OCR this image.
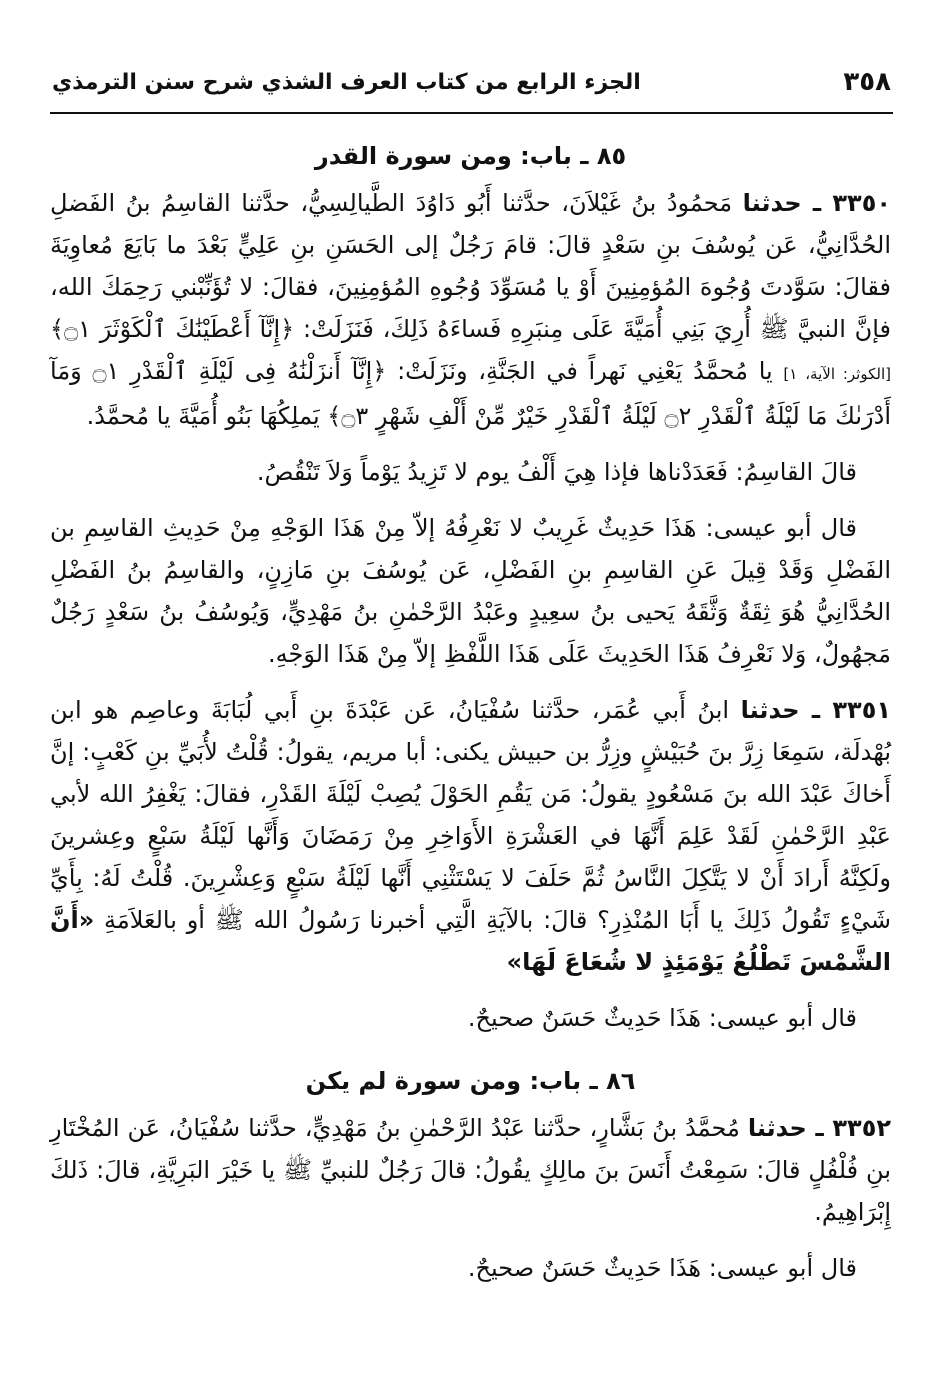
٣٥٨
الجزء الرابع من كتاب العرف الشذي شرح سنن الترمذي
٨٥ ـ باب: ومن سورة القدر

٣٣٥٠ ـ حدثنا مَحمُودُ بنُ غَيْلاَنَ، حدَّثنا أَبُو دَاوُدَ الطَّيالِسِيُّ، حدَّثنا القاسِمُ بنُ الفَضلِ الحُدَّانِيُّ، عَن يُوسُفَ بنِ سَعْدٍ قالَ: قامَ رَجُلٌ إلى الحَسَنِ بنِ عَلِيٍّ بَعْدَ ما بَايَعَ مُعاوِيَةَ فقالَ: سَوَّدتَ وُجُوهَ المُؤمِنِينَ أَوْ يا مُسَوِّدَ وُجُوهِ المُؤمِنِينَ، فقالَ: لا تُؤَنِّبْني رَحِمَكَ الله، فإنَّ النبيَّ ﷺ أُرِيَ بَنِي أُمَيَّةَ عَلَى مِنبَرِهِ فَساءَهُ ذَلِكَ، فَنَزَلَتْ: ﴿إِنَّآ أَعْطَيْنَٰكَ ٱلْكَوْثَرَ ۝١﴾ [الكوثر: الآية، ١] يا مُحمَّدُ يَعْنِي نَهراً في الجَنَّةِ، ونَزَلَتْ: ﴿إِنَّآ أَنزَلْنَٰهُ فِى لَيْلَةِ ٱلْقَدْرِ ۝١ وَمَآ أَدْرَىٰكَ مَا لَيْلَةُ ٱلْقَدْرِ ۝٢ لَيْلَةُ ٱلْقَدْرِ خَيْرٌ مِّنْ أَلْفِ شَهْرٍ ۝٣﴾ يَملِكُهَا بَنُو أُمَيَّةَ يا مُحمَّدُ.

قالَ القاسِمُ: فَعَدَدْناها فإذا هِيَ أَلْفُ يوم لا تَزِيدُ يَوْماً وَلاَ تَنْقُصُ.

قال أبو عيسى: هَذَا حَدِيثٌ غَرِيبٌ لا نَعْرِفُهُ إلاّ مِنْ هَذَا الوَجْهِ مِنْ حَدِيثِ القاسِمِ بن الفَضْلِ وَقَدْ قِيلَ عَنِ القاسِمِ بنِ الفَضْلِ، عَن يُوسُفَ بنِ مَازِنٍ، والقاسِمُ بنُ الفَضْلِ الحُدَّانِيُّ هُوَ ثِقَةٌ وَثَّقَهُ يَحيى بنُ سعِيدٍ وعَبْدُ الرَّحْمٰنِ بنُ مَهْدِيٍّ، وَيُوسُفُ بنُ سَعْدٍ رَجُلٌ مَجهُولٌ، وَلا نَعْرِفُ هَذَا الحَدِيثَ عَلَى هَذَا اللَّفْظِ إلاّ مِنْ هَذَا الوَجْهِ.

٣٣٥١ ـ حدثنا ابنُ أَبي عُمَر، حدَّثنا سُفْيَانُ، عَن عَبْدَةَ بنِ أَبي لُبَابَةَ وعاصِم هو ابن بُهْدلَة، سَمِعَا زِرَّ بنَ حُبَيْشٍ وزِرُّ بن حبيش يكنى: أبا مريم، يقولُ: قُلْتُ لأُبَيِّ بنِ كَعْبٍ: إنَّ أَخاكَ عَبْدَ الله بنَ مَسْعُودٍ يقولُ: مَن يَقُمِ الحَوْلَ يُصِبْ لَيْلَةَ القَدْرِ، فقالَ: يَغْفِرُ الله لأبي عَبْدِ الرَّحْمٰنِ لَقَدْ عَلِمَ أَنَّهَا في العَشْرَةِ الأَوَاخِرِ مِنْ رَمَضَانَ وَأَنَّها لَيْلَةُ سَبْعٍ وعِشرينَ ولَكِنَّهُ أَرادَ أَنْ لا يَتَّكِلَ النَّاسُ ثُمَّ حَلَفَ لا يَسْتَثْنِي أَنَّها لَيْلَةُ سَبْعٍ وَعِشْرِينَ. قُلْتُ لَهُ: بِأَيِّ شَيْءٍ تَقُولُ ذَلِكَ يا أَبَا المُنْذِرِ؟ قالَ: بالآيَةِ الَّتِي أخبرنا رَسُولُ الله ﷺ أو بالعَلاَمَةِ «أَنَّ الشَّمْسَ تَطْلُعُ يَوْمَئِذٍ لا شُعَاعَ لَهَا»

قال أبو عيسى: هَذَا حَدِيثٌ حَسَنٌ صحيحٌ.

٨٦ ـ باب: ومن سورة لم يكن

٣٣٥٢ ـ حدثنا مُحمَّدُ بنُ بَشَّارٍ، حدَّثنا عَبْدُ الرَّحْمٰنِ بنُ مَهْدِيٍّ، حدَّثنا سُفْيَانُ، عَن المُخْتَارِ بنِ فُلْفُلٍ قالَ: سَمِعْتُ أَنَسَ بنَ مالِكٍ يقُولُ: قالَ رَجُلٌ للنبيِّ ﷺ يا خَيْرَ البَرِيَّةِ، قالَ: ذَلكَ إِبْرَاهِيمُ.

قال أبو عيسى: هَذَا حَدِيثٌ حَسَنٌ صحيحٌ.
